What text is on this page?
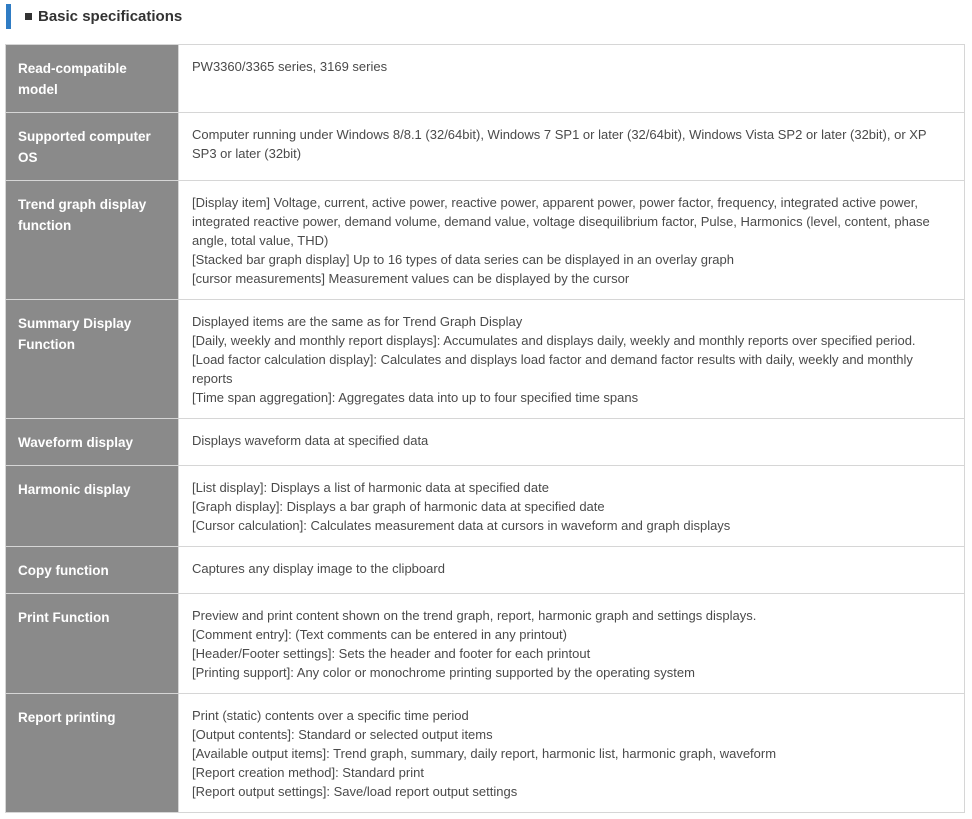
Basic specifications
Read-compatible model	PW3360/3365 series, 3169 series

Supported computer OS	Computer running under Windows 8/8.1 (32/64bit), Windows 7 SP1 or later (32/64bit), Windows Vista SP2 or later (32bit), or XP SP3 or later (32bit)

Trend graph display function	[Display item] Voltage, current, active power, reactive power, apparent power, power factor, frequency, integrated active power, integrated reactive power, demand volume, demand value, voltage disequilibrium factor, Pulse, Harmonics (level, content, phase angle, total value, THD)
[Stacked bar graph display] Up to 16 types of data series can be displayed in an overlay graph
[cursor measurements] Measurement values can be displayed by the cursor

Summary Display Function	Displayed items are the same as for Trend Graph Display
[Daily, weekly and monthly report displays]: Accumulates and displays daily, weekly and monthly reports over specified period.
[Load factor calculation display]: Calculates and displays load factor and demand factor results with daily, weekly and monthly reports
[Time span aggregation]: Aggregates data into up to four specified time spans

Waveform display	Displays waveform data at specified data

Harmonic display	[List display]: Displays a list of harmonic data at specified date
[Graph display]: Displays a bar graph of harmonic data at specified date
[Cursor calculation]: Calculates measurement data at cursors in waveform and graph displays

Copy function	Captures any display image to the clipboard

Print Function	Preview and print content shown on the trend graph, report, harmonic graph and settings displays.
[Comment entry]: (Text comments can be entered in any printout)
[Header/Footer settings]: Sets the header and footer for each printout
[Printing support]: Any color or monochrome printing supported by the operating system

Report printing	Print (static) contents over a specific time period
[Output contents]: Standard or selected output items
[Available output items]: Trend graph, summary, daily report, harmonic list, harmonic graph, waveform
[Report creation method]: Standard print
[Report output settings]: Save/load report output settings
